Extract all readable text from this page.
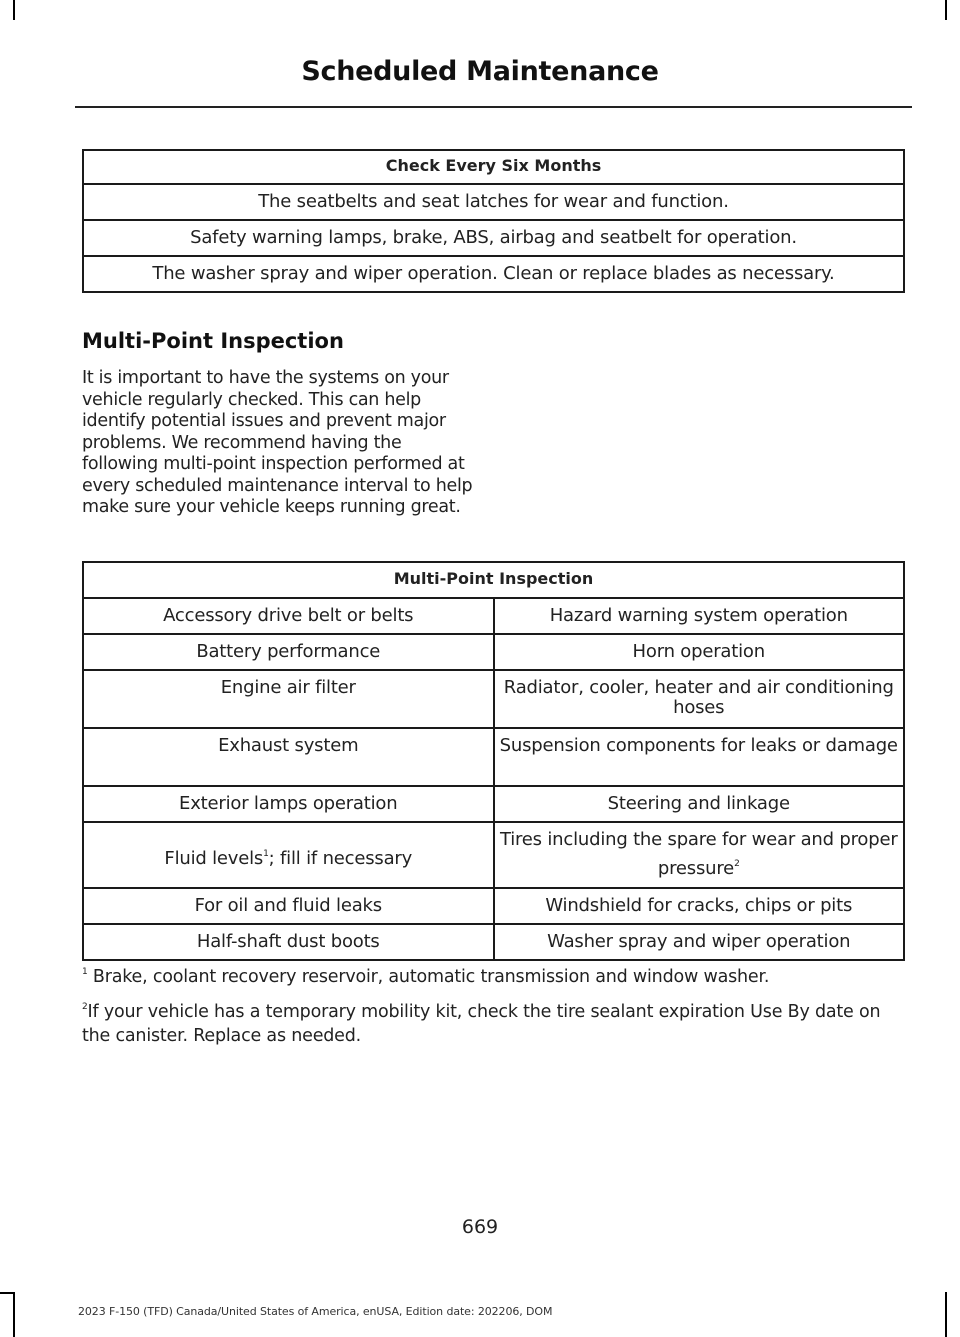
Scheduled Maintenance
Check Every Six Months
The seatbelts and seat latches for wear and function.
Safety warning lamps, brake, ABS, airbag and seatbelt for operation.
The washer spray and wiper operation. Clean or replace blades as necessary.
Multi-Point Inspection

It is important to have the systems on your vehicle regularly checked. This can help identify potential issues and prevent major problems. We recommend having the following multi-point inspection performed at every scheduled maintenance interval to help make sure your vehicle keeps running great.

Multi-Point Inspection	
Accessory drive belt or belts	Hazard warning system operation
Battery performance	Horn operation
Engine air filter	Radiator, cooler, heater and air conditioning hoses
Exhaust system	Suspension components for leaks or damage
Exterior lamps operation	Steering and linkage
Fluid levels$^1$; fill if necessary	Tires including the spare for wear and proper pressure$^2$
For oil and fluid leaks	Windshield for cracks, chips or pits
Half-shaft dust boots	Washer spray and wiper operation

$^1$ Brake, coolant recovery reservoir, automatic transmission and window washer.

$^2$If your vehicle has a temporary mobility kit, check the tire sealant expiration Use By date on the canister. Replace as needed.

669
2023 F-150 (TFD) Canada/United States of America, enUSA, Edition date: 202206, DOM
